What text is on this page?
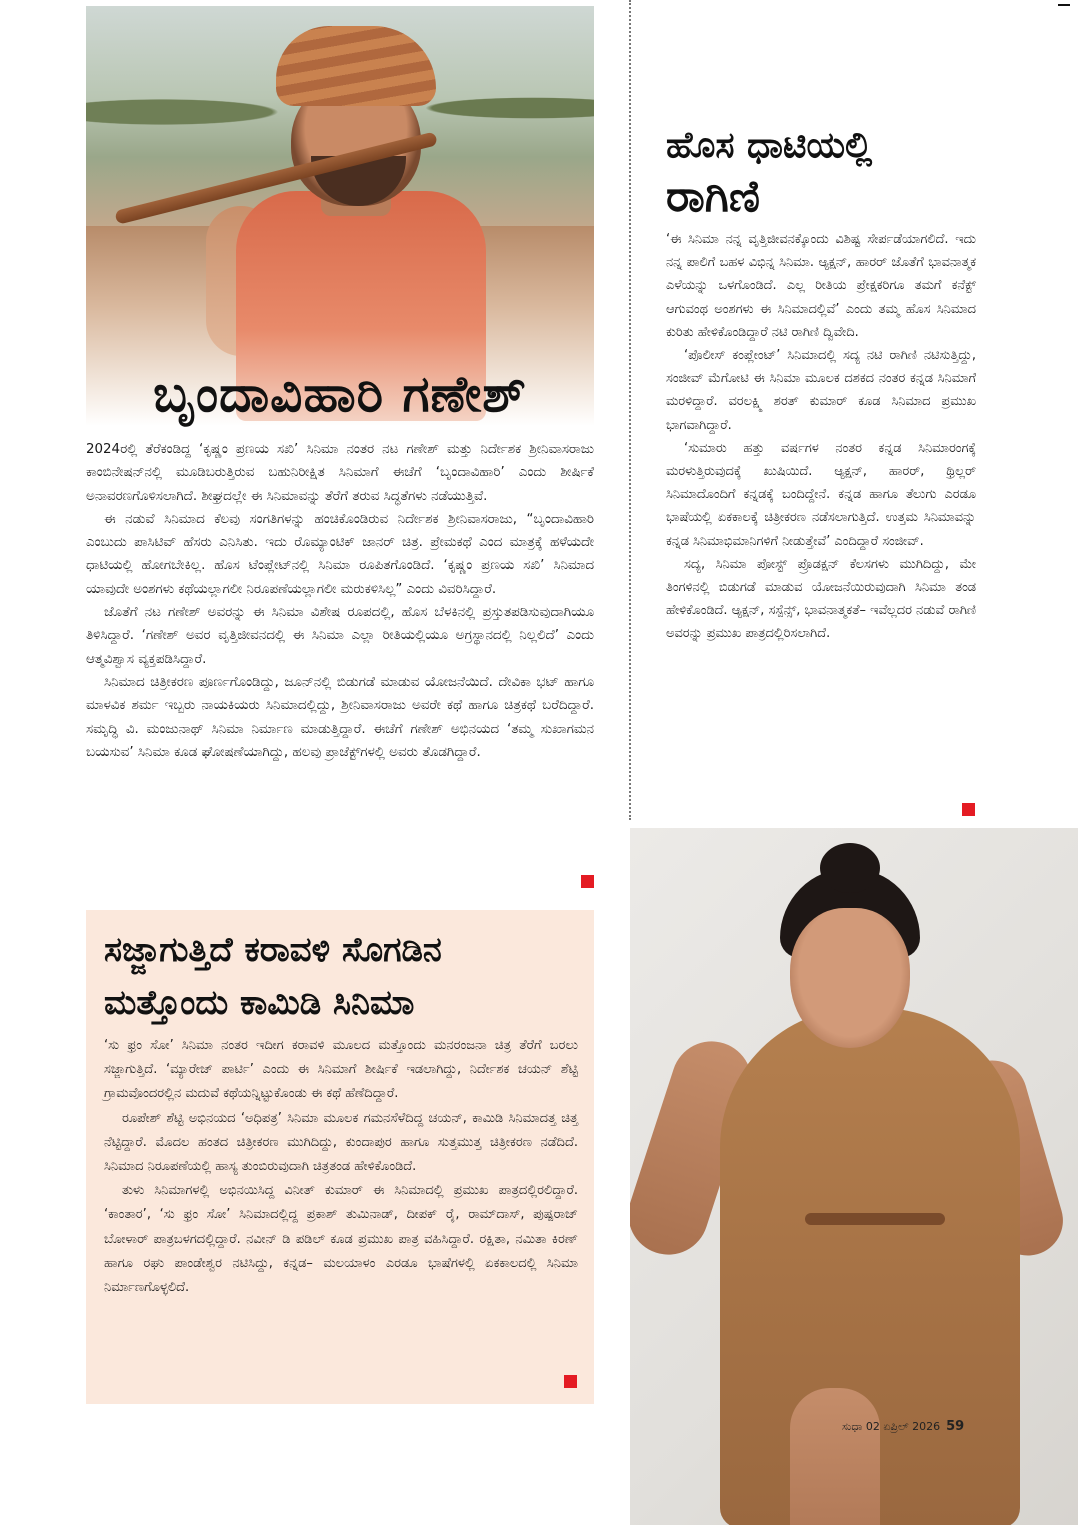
ಬೃಂದಾವಿಹಾರಿ ಗಣೇಶ್

2024ರಲ್ಲಿ ತೆರೆಕಂಡಿದ್ದ ‘ಕೃಷ್ಣಂ ಪ್ರಣಯ ಸಖಿ’ ಸಿನಿಮಾ ನಂತರ ನಟ ಗಣೇಶ್ ಮತ್ತು ನಿರ್ದೇಶಕ ಶ್ರೀನಿವಾಸರಾಜು ಕಾಂಬಿನೇಷನ್‌ನಲ್ಲಿ ಮೂಡಿಬರುತ್ತಿರುವ ಬಹುನಿರೀಕ್ಷಿತ ಸಿನಿಮಾಗೆ ಈಚೆಗೆ ‘ಬೃಂದಾವಿಹಾರಿ’ ಎಂದು ಶೀರ್ಷಿಕೆ ಅನಾವರಣಗೊಳಿಸಲಾಗಿದೆ. ಶೀಘ್ರದಲ್ಲೇ ಈ ಸಿನಿಮಾವನ್ನು ತೆರೆಗೆ ತರುವ ಸಿದ್ಧತೆಗಳು ನಡೆಯುತ್ತಿವೆ.

ಈ ನಡುವೆ ಸಿನಿಮಾದ ಕೆಲವು ಸಂಗತಿಗಳನ್ನು ಹಂಚಿಕೊಂಡಿರುವ ನಿರ್ದೇಶಕ ಶ್ರೀನಿವಾಸರಾಜು, “ಬೃಂದಾವಿಹಾರಿ ಎಂಬುದು ಪಾಸಿಟಿವ್ ಹೆಸರು ಎನಿಸಿತು. ಇದು ರೊಮ್ಯಾಂಟಿಕ್ ಜಾನರ್ ಚಿತ್ರ. ಪ್ರೇಮಕಥೆ ಎಂದ ಮಾತ್ರಕ್ಕೆ ಹಳೆಯದೇ ಧಾಟಿಯಲ್ಲಿ ಹೋಗಬೇಕಿಲ್ಲ. ಹೊಸ ಟೆಂಪ್ಲೇಟ್‌ನಲ್ಲಿ ಸಿನಿಮಾ ರೂಪಿತಗೊಂಡಿದೆ. ‘ಕೃಷ್ಣಂ ಪ್ರಣಯ ಸಖಿ’ ಸಿನಿಮಾದ ಯಾವುದೇ ಅಂಶಗಳು ಕಥೆಯಲ್ಲಾಗಲೀ ನಿರೂಪಣೆಯಲ್ಲಾಗಲೀ ಮರುಕಳಿಸಿಲ್ಲ” ಎಂದು ವಿವರಿಸಿದ್ದಾರೆ.

ಜೊತೆಗೆ ನಟ ಗಣೇಶ್ ಅವರನ್ನು ಈ ಸಿನಿಮಾ ವಿಶೇಷ ರೂಪದಲ್ಲಿ, ಹೊಸ ಬೆಳಕಿನಲ್ಲಿ ಪ್ರಸ್ತುತಪಡಿಸುವುದಾಗಿಯೂ ತಿಳಿಸಿದ್ದಾರೆ. ‘ಗಣೇಶ್ ಅವರ ವೃತ್ತಿಜೀವನದಲ್ಲಿ ಈ ಸಿನಿಮಾ ಎಲ್ಲಾ ರೀತಿಯಲ್ಲಿಯೂ ಅಗ್ರಸ್ಥಾನದಲ್ಲಿ ನಿಲ್ಲಲಿದೆ’ ಎಂದು ಆತ್ಮವಿಶ್ವಾಸ ವ್ಯಕ್ತಪಡಿಸಿದ್ದಾರೆ.

ಸಿನಿಮಾದ ಚಿತ್ರೀಕರಣ ಪೂರ್ಣಗೊಂಡಿದ್ದು, ಜೂನ್‌ನಲ್ಲಿ ಬಿಡುಗಡೆ ಮಾಡುವ ಯೋಜನೆಯಿದೆ. ದೇವಿಕಾ ಭಟ್ ಹಾಗೂ ಮಾಳವಿಕ ಶರ್ಮ ಇಬ್ಬರು ನಾಯಕಿಯರು ಸಿನಿಮಾದಲ್ಲಿದ್ದು, ಶ್ರೀನಿವಾಸರಾಜು ಅವರೇ ಕಥೆ ಹಾಗೂ ಚಿತ್ರಕಥೆ ಬರೆದಿದ್ದಾರೆ. ಸಮೃದ್ಧಿ ವಿ. ಮಂಜುನಾಥ್ ಸಿನಿಮಾ ನಿರ್ಮಾಣ ಮಾಡುತ್ತಿದ್ದಾರೆ. ಈಚೆಗೆ ಗಣೇಶ್ ಅಭಿನಯದ ‘ತಮ್ಮ ಸುಖಾಗಮನ ಬಯಸುವ’ ಸಿನಿಮಾ ಕೂಡ ಘೋಷಣೆಯಾಗಿದ್ದು, ಹಲವು ಪ್ರಾಜೆಕ್ಟ್‌ಗಳಲ್ಲಿ ಅವರು ತೊಡಗಿದ್ದಾರೆ.

ಹೊಸ ಧಾಟಿಯಲ್ಲಿ
ರಾಗಿಣಿ

‘ಈ ಸಿನಿಮಾ ನನ್ನ ವೃತ್ತಿಜೀವನಕ್ಕೊಂದು ವಿಶಿಷ್ಟ ಸೇರ್ಪಡೆಯಾಗಲಿದೆ. ಇದು ನನ್ನ ಪಾಲಿಗೆ ಬಹಳ ವಿಭಿನ್ನ ಸಿನಿಮಾ. ಆ್ಯಕ್ಷನ್, ಹಾರರ್ ಜೊತೆಗೆ ಭಾವನಾತ್ಮಕ ಎಳೆಯನ್ನು ಒಳಗೊಂಡಿದೆ. ಎಲ್ಲ ರೀತಿಯ ಪ್ರೇಕ್ಷಕರಿಗೂ ತಮಗೆ ಕನೆಕ್ಟ್ ಆಗುವಂಥ ಅಂಶಗಳು ಈ ಸಿನಿಮಾದಲ್ಲಿವೆ’ ಎಂದು ತಮ್ಮ ಹೊಸ ಸಿನಿಮಾದ ಕುರಿತು ಹೇಳಿಕೊಂಡಿದ್ದಾರೆ ನಟಿ ರಾಗಿಣಿ ದ್ವಿವೇದಿ.

‘ಪೊಲೀಸ್ ಕಂಪ್ಲೇಂಟ್’ ಸಿನಿಮಾದಲ್ಲಿ ಸದ್ಯ ನಟಿ ರಾಗಿಣಿ ನಟಿಸುತ್ತಿದ್ದು, ಸಂಜೀವ್ ಮೆಗೋಟಿ ಈ ಸಿನಿಮಾ ಮೂಲಕ ದಶಕದ ನಂತರ ಕನ್ನಡ ಸಿನಿಮಾಗೆ ಮರಳಿದ್ದಾರೆ. ವರಲಕ್ಷ್ಮಿ ಶರತ್ ಕುಮಾರ್ ಕೂಡ ಸಿನಿಮಾದ ಪ್ರಮುಖ ಭಾಗವಾಗಿದ್ದಾರೆ.

‘ಸುಮಾರು ಹತ್ತು ವರ್ಷಗಳ ನಂತರ ಕನ್ನಡ ಸಿನಿಮಾರಂಗಕ್ಕೆ ಮರಳುತ್ತಿರುವುದಕ್ಕೆ ಖುಷಿಯಿದೆ. ಆ್ಯಕ್ಷನ್, ಹಾರರ್, ಥ್ರಿಲ್ಲರ್ ಸಿನಿಮಾದೊಂದಿಗೆ ಕನ್ನಡಕ್ಕೆ ಬಂದಿದ್ದೇನೆ. ಕನ್ನಡ ಹಾಗೂ ತೆಲುಗು ಎರಡೂ ಭಾಷೆಯಲ್ಲಿ ಏಕಕಾಲಕ್ಕೆ ಚಿತ್ರೀಕರಣ ನಡೆಸಲಾಗುತ್ತಿದೆ. ಉತ್ತಮ ಸಿನಿಮಾವನ್ನು ಕನ್ನಡ ಸಿನಿಮಾಭಿಮಾನಿಗಳಿಗೆ ನೀಡುತ್ತೇವೆ’ ಎಂದಿದ್ದಾರೆ ಸಂಜೀವ್.

ಸದ್ಯ, ಸಿನಿಮಾ ಪೋಸ್ಟ್ ಪ್ರೊಡಕ್ಷನ್ ಕೆಲಸಗಳು ಮುಗಿದಿದ್ದು, ಮೇ ತಿಂಗಳಿನಲ್ಲಿ ಬಿಡುಗಡೆ ಮಾಡುವ ಯೋಜನೆಯಿರುವುದಾಗಿ ಸಿನಿಮಾ ತಂಡ ಹೇಳಿಕೊಂಡಿದೆ. ಆ್ಯಕ್ಷನ್, ಸಸ್ಪೆನ್ಸ್, ಭಾವನಾತ್ಮಕತೆ– ಇವೆಲ್ಲದರ ನಡುವೆ ರಾಗಿಣಿ ಅವರನ್ನು ಪ್ರಮುಖ ಪಾತ್ರದಲ್ಲಿರಿಸಲಾಗಿದೆ.

ಸಜ್ಜಾಗುತ್ತಿದೆ ಕರಾವಳಿ ಸೊಗಡಿನ
ಮತ್ತೊಂದು ಕಾಮಿಡಿ ಸಿನಿಮಾ

‘ಸು ಫ್ರಂ ಸೋ’ ಸಿನಿಮಾ ನಂತರ ಇದೀಗ ಕರಾವಳಿ ಮೂಲದ ಮತ್ತೊಂದು ಮನರಂಜನಾ ಚಿತ್ರ ತೆರೆಗೆ ಬರಲು ಸಜ್ಜಾಗುತ್ತಿದೆ. ‘ಮ್ಯಾರೇಜ್ ಪಾರ್ಟಿ’ ಎಂದು ಈ ಸಿನಿಮಾಗೆ ಶೀರ್ಷಿಕೆ ಇಡಲಾಗಿದ್ದು, ನಿರ್ದೇಶಕ ಚಯನ್ ಶೆಟ್ಟಿ ಗ್ರಾಮವೊಂದರಲ್ಲಿನ ಮದುವೆ ಕಥೆಯನ್ನಿಟ್ಟುಕೊಂಡು ಈ ಕಥೆ ಹೆಣೆದಿದ್ದಾರೆ.

ರೂಪೇಶ್ ಶೆಟ್ಟಿ ಅಭಿನಯದ ‘ಅಧಿಪತ್ರ’ ಸಿನಿಮಾ ಮೂಲಕ ಗಮನಸೆಳೆದಿದ್ದ ಚಯನ್, ಕಾಮಿಡಿ ಸಿನಿಮಾದತ್ತ ಚಿತ್ತ ನೆಟ್ಟಿದ್ದಾರೆ. ಮೊದಲ ಹಂತದ ಚಿತ್ರೀಕರಣ ಮುಗಿದಿದ್ದು, ಕುಂದಾಪುರ ಹಾಗೂ ಸುತ್ತಮುತ್ತ ಚಿತ್ರೀಕರಣ ನಡೆದಿದೆ. ಸಿನಿಮಾದ ನಿರೂಪಣೆಯಲ್ಲಿ ಹಾಸ್ಯ ತುಂಬಿರುವುದಾಗಿ ಚಿತ್ರತಂಡ ಹೇಳಿಕೊಂಡಿದೆ.

ತುಳು ಸಿನಿಮಾಗಳಲ್ಲಿ ಅಭಿನಯಿಸಿದ್ದ ವಿನೀತ್ ಕುಮಾರ್ ಈ ಸಿನಿಮಾದಲ್ಲಿ ಪ್ರಮುಖ ಪಾತ್ರದಲ್ಲಿರಲಿದ್ದಾರೆ. ‘ಕಾಂತಾರ’, ‘ಸು ಫ್ರಂ ಸೋ’ ಸಿನಿಮಾದಲ್ಲಿದ್ದ ಪ್ರಕಾಶ್ ತುಮಿನಾಡ್, ದೀಪಕ್ ರೈ, ರಾಮ್‌ದಾಸ್, ಪುಷ್ಪರಾಜ್ ಬೋಳಾರ್ ಪಾತ್ರಬಳಗದಲ್ಲಿದ್ದಾರೆ. ನವೀನ್ ಡಿ ಪಡಿಲ್ ಕೂಡ ಪ್ರಮುಖ ಪಾತ್ರ ವಹಿಸಿದ್ದಾರೆ. ರಕ್ಷಿತಾ, ನಮಿತಾ ಕಿರಣ್ ಹಾಗೂ ರಘು ಪಾಂಡೇಶ್ವರ ನಟಿಸಿದ್ದು, ಕನ್ನಡ– ಮಲಯಾಳಂ ಎರಡೂ ಭಾಷೆಗಳಲ್ಲಿ ಏಕಕಾಲದಲ್ಲಿ ಸಿನಿಮಾ ನಿರ್ಮಾಣಗೊಳ್ಳಲಿದೆ.

ಸುಧಾ 02 ಏಪ್ರಿಲ್ 2026 59
